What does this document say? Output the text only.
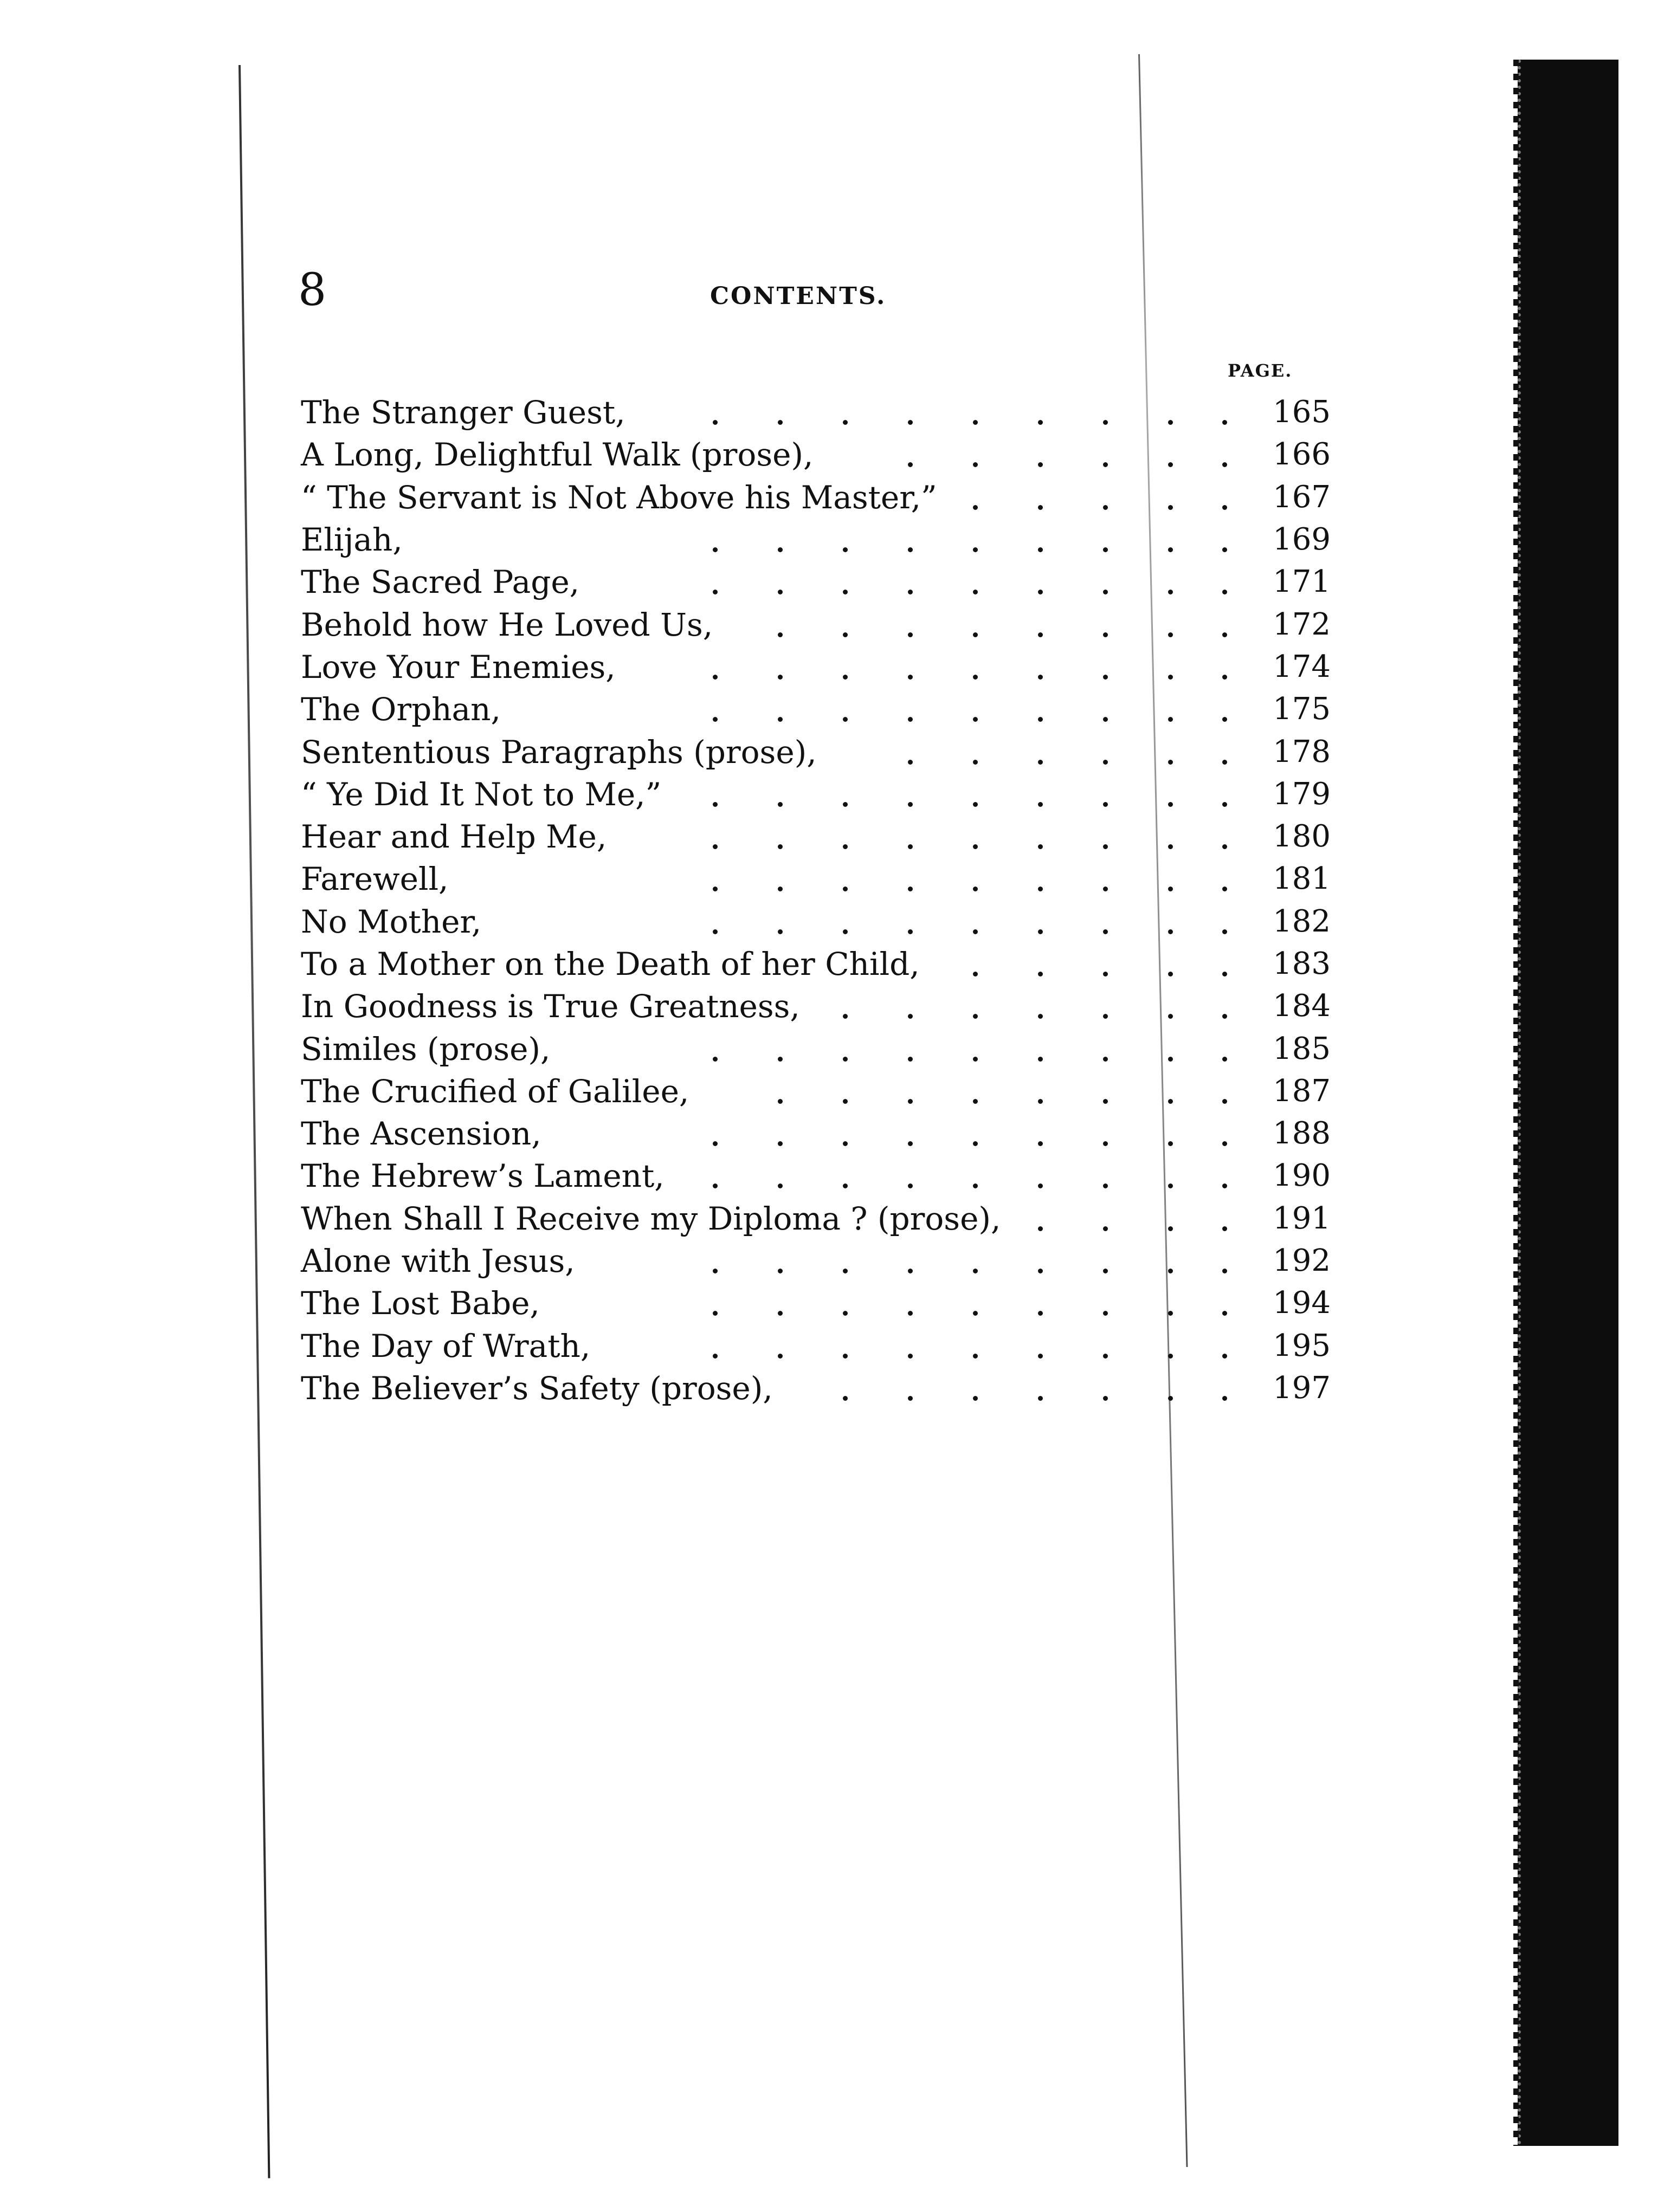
8	CONTENTS.
PAGE.
The Stranger Guest,	165
A Long, Delightful Walk (prose),	166
“ The Servant is Not Above his Master,”	167
Elijah,	169
The Sacred Page,	171
Behold how He Loved Us,	172
Love Your Enemies,	174
The Orphan,	175
Sententious Paragraphs (prose),	178
“ Ye Did It Not to Me,”	179
Hear and Help Me,	180
Farewell,	181
No Mother,	182
To a Mother on the Death of her Child,	183
In Goodness is True Greatness,	184
Similes (prose),	185
The Crucified of Galilee,	187
The Ascension,	188
The Hebrew’s Lament,	190
When Shall I Receive my Diploma ? (prose),	191
Alone with Jesus,	192
The Lost Babe,	194
The Day of Wrath,	195
The Believer’s Safety (prose),	197
